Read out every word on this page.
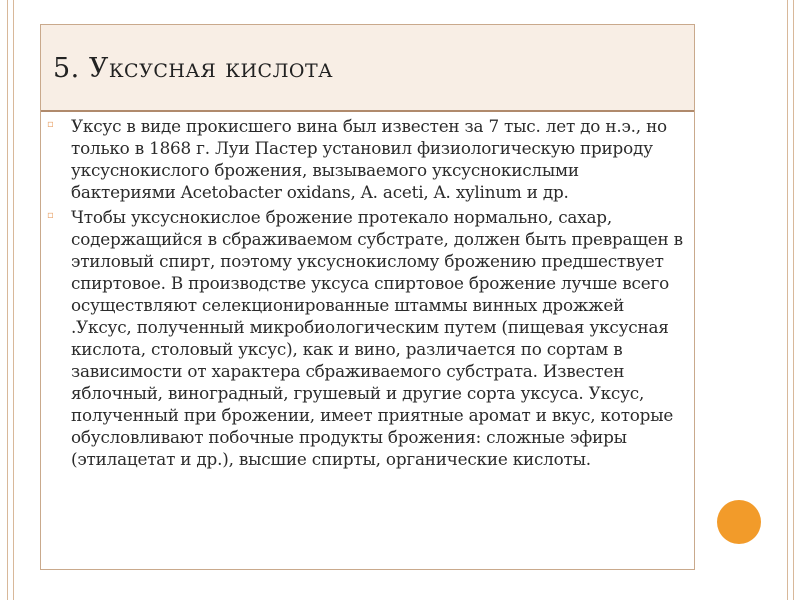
5. Уксусная кислота

▫ Уксус в виде прокисшего вина был известен за 7 тыс. лет до н.э., но только в 1868 г. Луи Пастер установил физиологическую природу уксуснокислого брожения, вызываемого уксуснокислыми бактериями Acetobacter oxidans, A. aceti, A. xylinum и др.

▫ Чтобы уксуснокислое брожение протекало нормально, сахар, содержащийся в сбраживаемом субстрате, должен быть превращен в этиловый спирт, поэтому уксуснокислому брожению предшествует спиртовое. В производстве уксуса спиртовое брожение лучше всего осуществляют селекционированные штаммы винных дрожжей .Уксус, полученный микробиологическим путем (пищевая уксусная кислота, столовый уксус), как и вино, различается по сортам в зависимости от характера сбраживаемого субстрата. Известен яблочный, виноградный, грушевый и другие сорта уксуса. Уксус, полученный при брожении, имеет приятные аромат и вкус, которые обусловливают побочные продукты брожения: сложные эфиры (этилацетат и др.), высшие спирты, органические кислоты.
